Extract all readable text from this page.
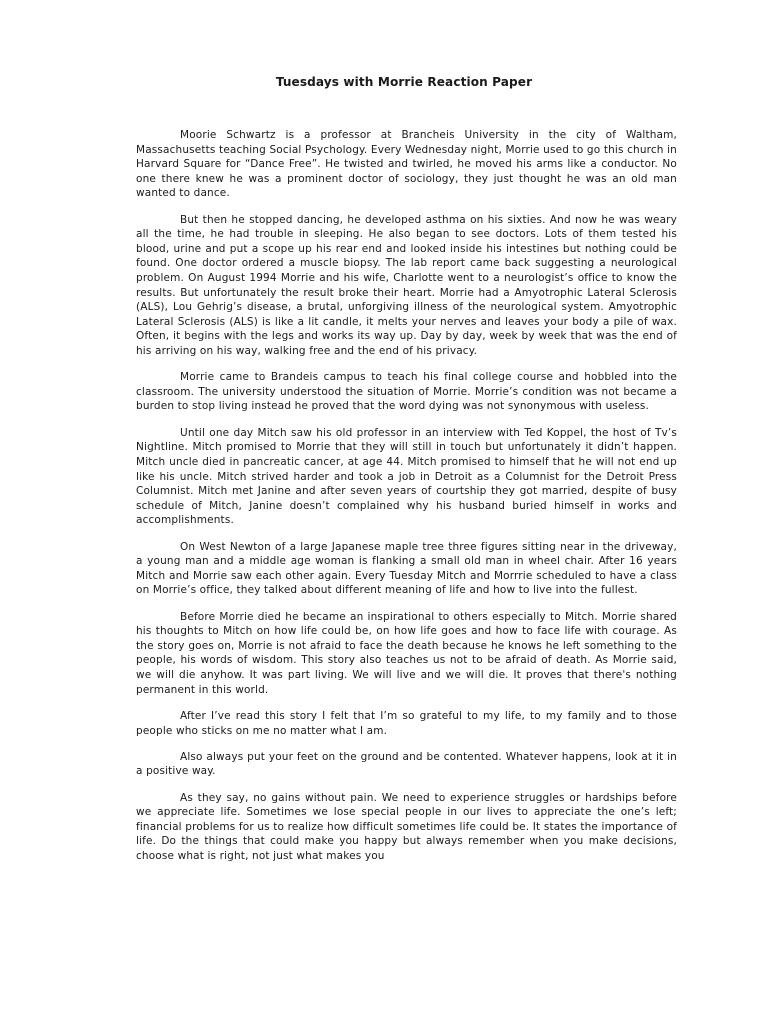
Tuesdays with Morrie Reaction Paper

Moorie Schwartz is a professor at Brancheis University in the city of Waltham, Massachusetts teaching Social Psychology. Every Wednesday night, Morrie used to go this church in Harvard Square for “Dance Free”. He twisted and twirled, he moved his arms like a conductor. No one there knew he was a prominent doctor of sociology, they just thought he was an old man wanted to dance.

But then he stopped dancing, he developed asthma on his sixties. And now he was weary all the time, he had trouble in sleeping. He also began to see doctors. Lots of them tested his blood, urine and put a scope up his rear end and looked inside his intestines but nothing could be found. One doctor ordered a muscle biopsy. The lab report came back suggesting a neurological problem. On August 1994 Morrie and his wife, Charlotte went to a neurologist’s office to know the results. But unfortunately the result broke their heart. Morrie had a Amyotrophic Lateral Sclerosis (ALS), Lou Gehrig’s disease, a brutal, unforgiving illness of the neurological system. Amyotrophic Lateral Sclerosis (ALS) is like a lit candle, it melts your nerves and leaves your body a pile of wax. Often, it begins with the legs and works its way up. Day by day, week by week that was the end of his arriving on his way, walking free and the end of his privacy.

Morrie came to Brandeis campus to teach his final college course and hobbled into the classroom. The university understood the situation of Morrie. Morrie’s condition was not became a burden to stop living instead he proved that the word dying was not synonymous with useless.

Until one day Mitch saw his old professor in an interview with Ted Koppel, the host of Tv’s Nightline. Mitch promised to Morrie that they will still in touch but unfortunately it didn’t happen. Mitch uncle died in pancreatic cancer, at age 44. Mitch promised to himself that he will not end up like his uncle. Mitch strived harder and took a job in Detroit as a Columnist for the Detroit Press Columnist. Mitch met Janine and after seven years of courtship they got married, despite of busy schedule of Mitch, Janine doesn’t complained why his husband buried himself in works and accomplishments.

On West Newton of a large Japanese maple tree three figures sitting near in the driveway, a young man and a middle age woman is flanking a small old man in wheel chair. After 16 years Mitch and Morrie saw each other again. Every Tuesday Mitch and Morrrie scheduled to have a class on Morrie’s office, they talked about different meaning of life and how to live into the fullest.

Before Morrie died he became an inspirational to others especially to Mitch. Morrie shared his thoughts to Mitch on how life could be, on how life goes and how to face life with courage. As the story goes on, Morrie is not afraid to face the death because he knows he left something to the people, his words of wisdom. This story also teaches us not to be afraid of death. As Morrie said, we will die anyhow. It was part living. We will live and we will die. It proves that there's nothing permanent in this world.

After I’ve read this story I felt that I’m so grateful to my life, to my family and to those people who sticks on me no matter what I am.

Also always put your feet on the ground and be contented. Whatever happens, look at it in a positive way.

As they say, no gains without pain. We need to experience struggles or hardships before we appreciate life. Sometimes we lose special people in our lives to appreciate the one’s left; financial problems for us to realize how difficult sometimes life could be. It states the importance of life. Do the things that could make you happy but always remember when you make decisions, choose what is right, not just what makes you
